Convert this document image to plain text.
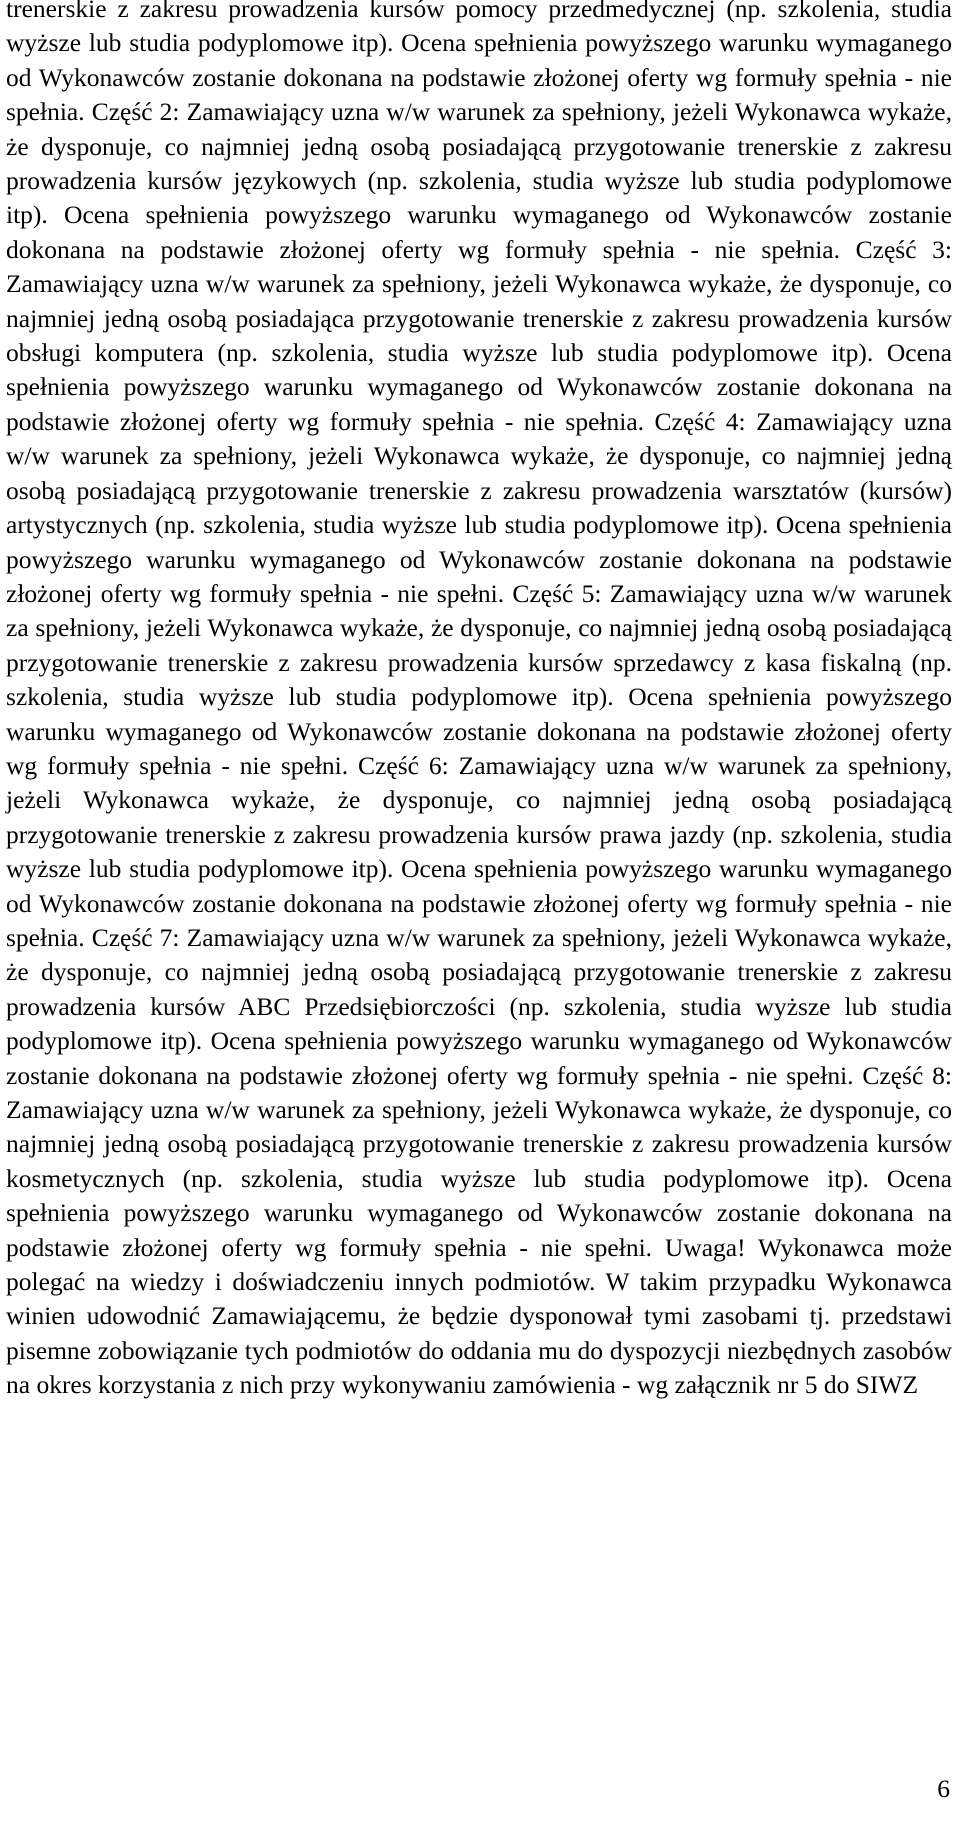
trenerskie z zakresu prowadzenia kursów pomocy przedmedycznej (np. szkolenia, studia wyższe lub studia podyplomowe itp). Ocena spełnienia powyższego warunku wymaganego od Wykonawców zostanie dokonana na podstawie złożonej oferty wg formuły spełnia - nie spełnia. Część 2: Zamawiający uzna w/w warunek za spełniony, jeżeli Wykonawca wykaże, że dysponuje, co najmniej jedną osobą posiadającą przygotowanie trenerskie z zakresu prowadzenia kursów językowych (np. szkolenia, studia wyższe lub studia podyplomowe itp). Ocena spełnienia powyższego warunku wymaganego od Wykonawców zostanie dokonana na podstawie złożonej oferty wg formuły spełnia - nie spełnia. Część 3: Zamawiający uzna w/w warunek za spełniony, jeżeli Wykonawca wykaże, że dysponuje, co najmniej jedną osobą posiadająca przygotowanie trenerskie z zakresu prowadzenia kursów obsługi komputera (np. szkolenia, studia wyższe lub studia podyplomowe itp). Ocena spełnienia powyższego warunku wymaganego od Wykonawców zostanie dokonana na podstawie złożonej oferty wg formuły spełnia - nie spełnia. Część 4: Zamawiający uzna w/w warunek za spełniony, jeżeli Wykonawca wykaże, że dysponuje, co najmniej jedną osobą posiadającą przygotowanie trenerskie z zakresu prowadzenia warsztatów (kursów) artystycznych (np. szkolenia, studia wyższe lub studia podyplomowe itp). Ocena spełnienia powyższego warunku wymaganego od Wykonawców zostanie dokonana na podstawie złożonej oferty wg formuły spełnia - nie spełni. Część 5: Zamawiający uzna w/w warunek za spełniony, jeżeli Wykonawca wykaże, że dysponuje, co najmniej jedną osobą posiadającą przygotowanie trenerskie z zakresu prowadzenia kursów sprzedawcy z kasa fiskalną (np. szkolenia, studia wyższe lub studia podyplomowe itp). Ocena spełnienia powyższego warunku wymaganego od Wykonawców zostanie dokonana na podstawie złożonej oferty wg formuły spełnia - nie spełni. Część 6: Zamawiający uzna w/w warunek za spełniony, jeżeli Wykonawca wykaże, że dysponuje, co najmniej jedną osobą posiadającą przygotowanie trenerskie z zakresu prowadzenia kursów prawa jazdy (np. szkolenia, studia wyższe lub studia podyplomowe itp). Ocena spełnienia powyższego warunku wymaganego od Wykonawców zostanie dokonana na podstawie złożonej oferty wg formuły spełnia - nie spełnia. Część 7: Zamawiający uzna w/w warunek za spełniony, jeżeli Wykonawca wykaże, że dysponuje, co najmniej jedną osobą posiadającą przygotowanie trenerskie z zakresu prowadzenia kursów ABC Przedsiębiorczości (np. szkolenia, studia wyższe lub studia podyplomowe itp). Ocena spełnienia powyższego warunku wymaganego od Wykonawców zostanie dokonana na podstawie złożonej oferty wg formuły spełnia - nie spełni. Część 8: Zamawiający uzna w/w warunek za spełniony, jeżeli Wykonawca wykaże, że dysponuje, co najmniej jedną osobą posiadającą przygotowanie trenerskie z zakresu prowadzenia kursów kosmetycznych (np. szkolenia, studia wyższe lub studia podyplomowe itp). Ocena spełnienia powyższego warunku wymaganego od Wykonawców zostanie dokonana na podstawie złożonej oferty wg formuły spełnia - nie spełni. Uwaga! Wykonawca może polegać na wiedzy i doświadczeniu innych podmiotów. W takim przypadku Wykonawca winien udowodnić Zamawiającemu, że będzie dysponował tymi zasobami tj. przedstawi pisemne zobowiązanie tych podmiotów do oddania mu do dyspozycji niezbędnych zasobów na okres korzystania z nich przy wykonywaniu zamówienia - wg załącznik nr 5 do SIWZ

6
